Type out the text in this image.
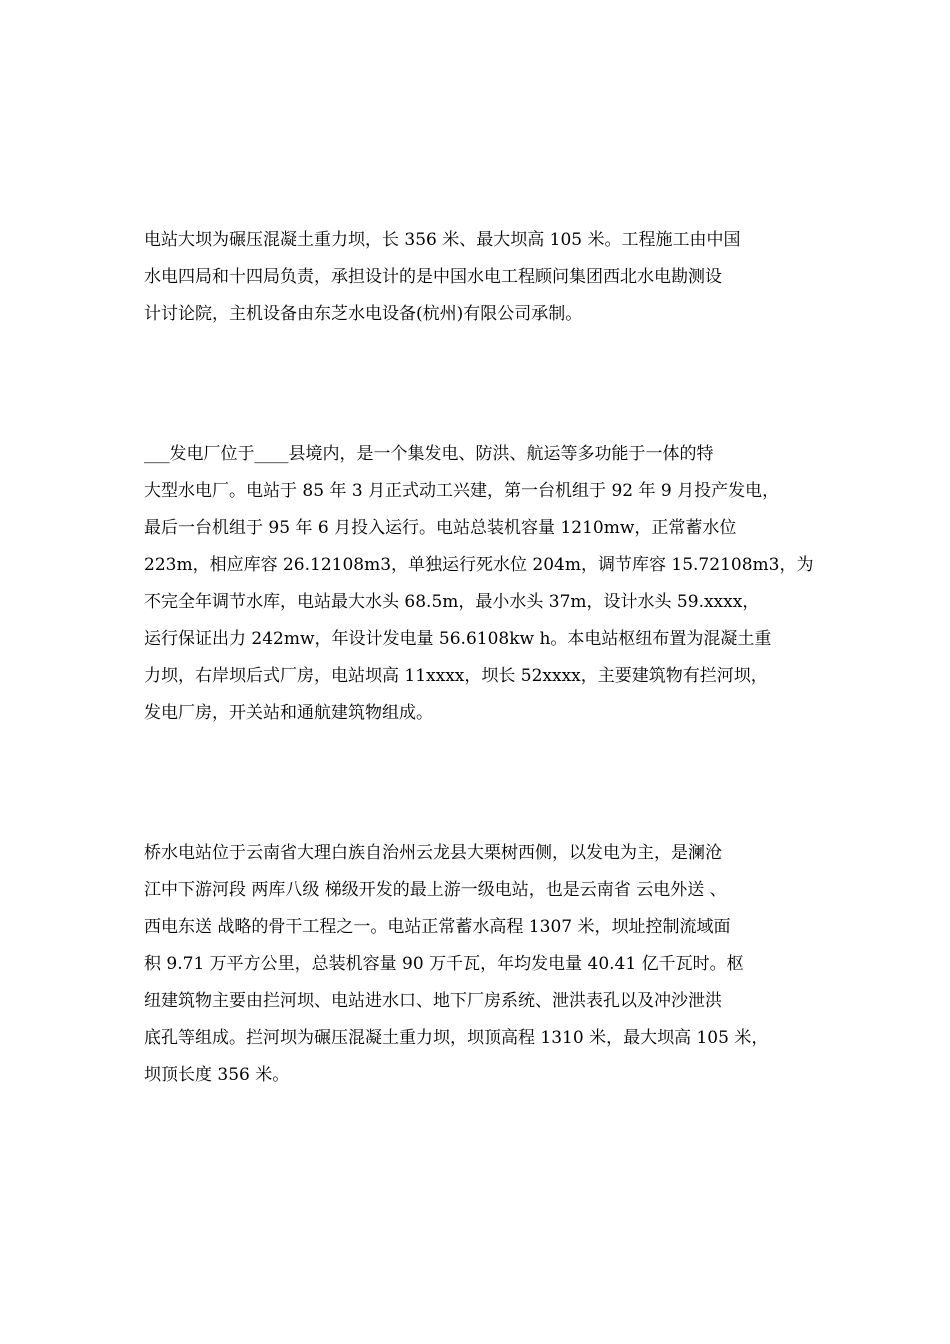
电站大坝为碾压混凝土重力坝，长 356 米、最大坝高 105 米。工程施工由中国
水电四局和十四局负责，承担设计的是中国水电工程顾问集团西北水电勘测设
计讨论院，主机设备由东芝水电设备(杭州)有限公司承制。
___发电厂位于____县境内，是一个集发电、防洪、航运等多功能于一体的特
大型水电厂。电站于 85 年 3 月正式动工兴建，第一台机组于 92 年 9 月投产发电，
最后一台机组于 95 年 6 月投入运行。电站总装机容量 1210mw，正常蓄水位
223m，相应库容 26.12108m3，单独运行死水位 204m，调节库容 15.72108m3，为
不完全年调节水库，电站最大水头 68.5m，最小水头 37m，设计水头 59.xxxx，
运行保证出力 242mw，年设计发电量 56.6108kw h。本电站枢纽布置为混凝土重
力坝，右岸坝后式厂房，电站坝高 11xxxx，坝长 52xxxx，主要建筑物有拦河坝，
发电厂房，开关站和通航建筑物组成。
桥水电站位于云南省大理白族自治州云龙县大栗树西侧，以发电为主，是澜沧
江中下游河段 两库八级 梯级开发的最上游一级电站，也是云南省 云电外送 、
西电东送 战略的骨干工程之一。电站正常蓄水高程 1307 米，坝址控制流域面
积 9.71 万平方公里，总装机容量 90 万千瓦，年均发电量 40.41 亿千瓦时。枢
纽建筑物主要由拦河坝、电站进水口、地下厂房系统、泄洪表孔以及冲沙泄洪
底孔等组成。拦河坝为碾压混凝土重力坝，坝顶高程 1310 米，最大坝高 105 米，
坝顶长度 356 米。
